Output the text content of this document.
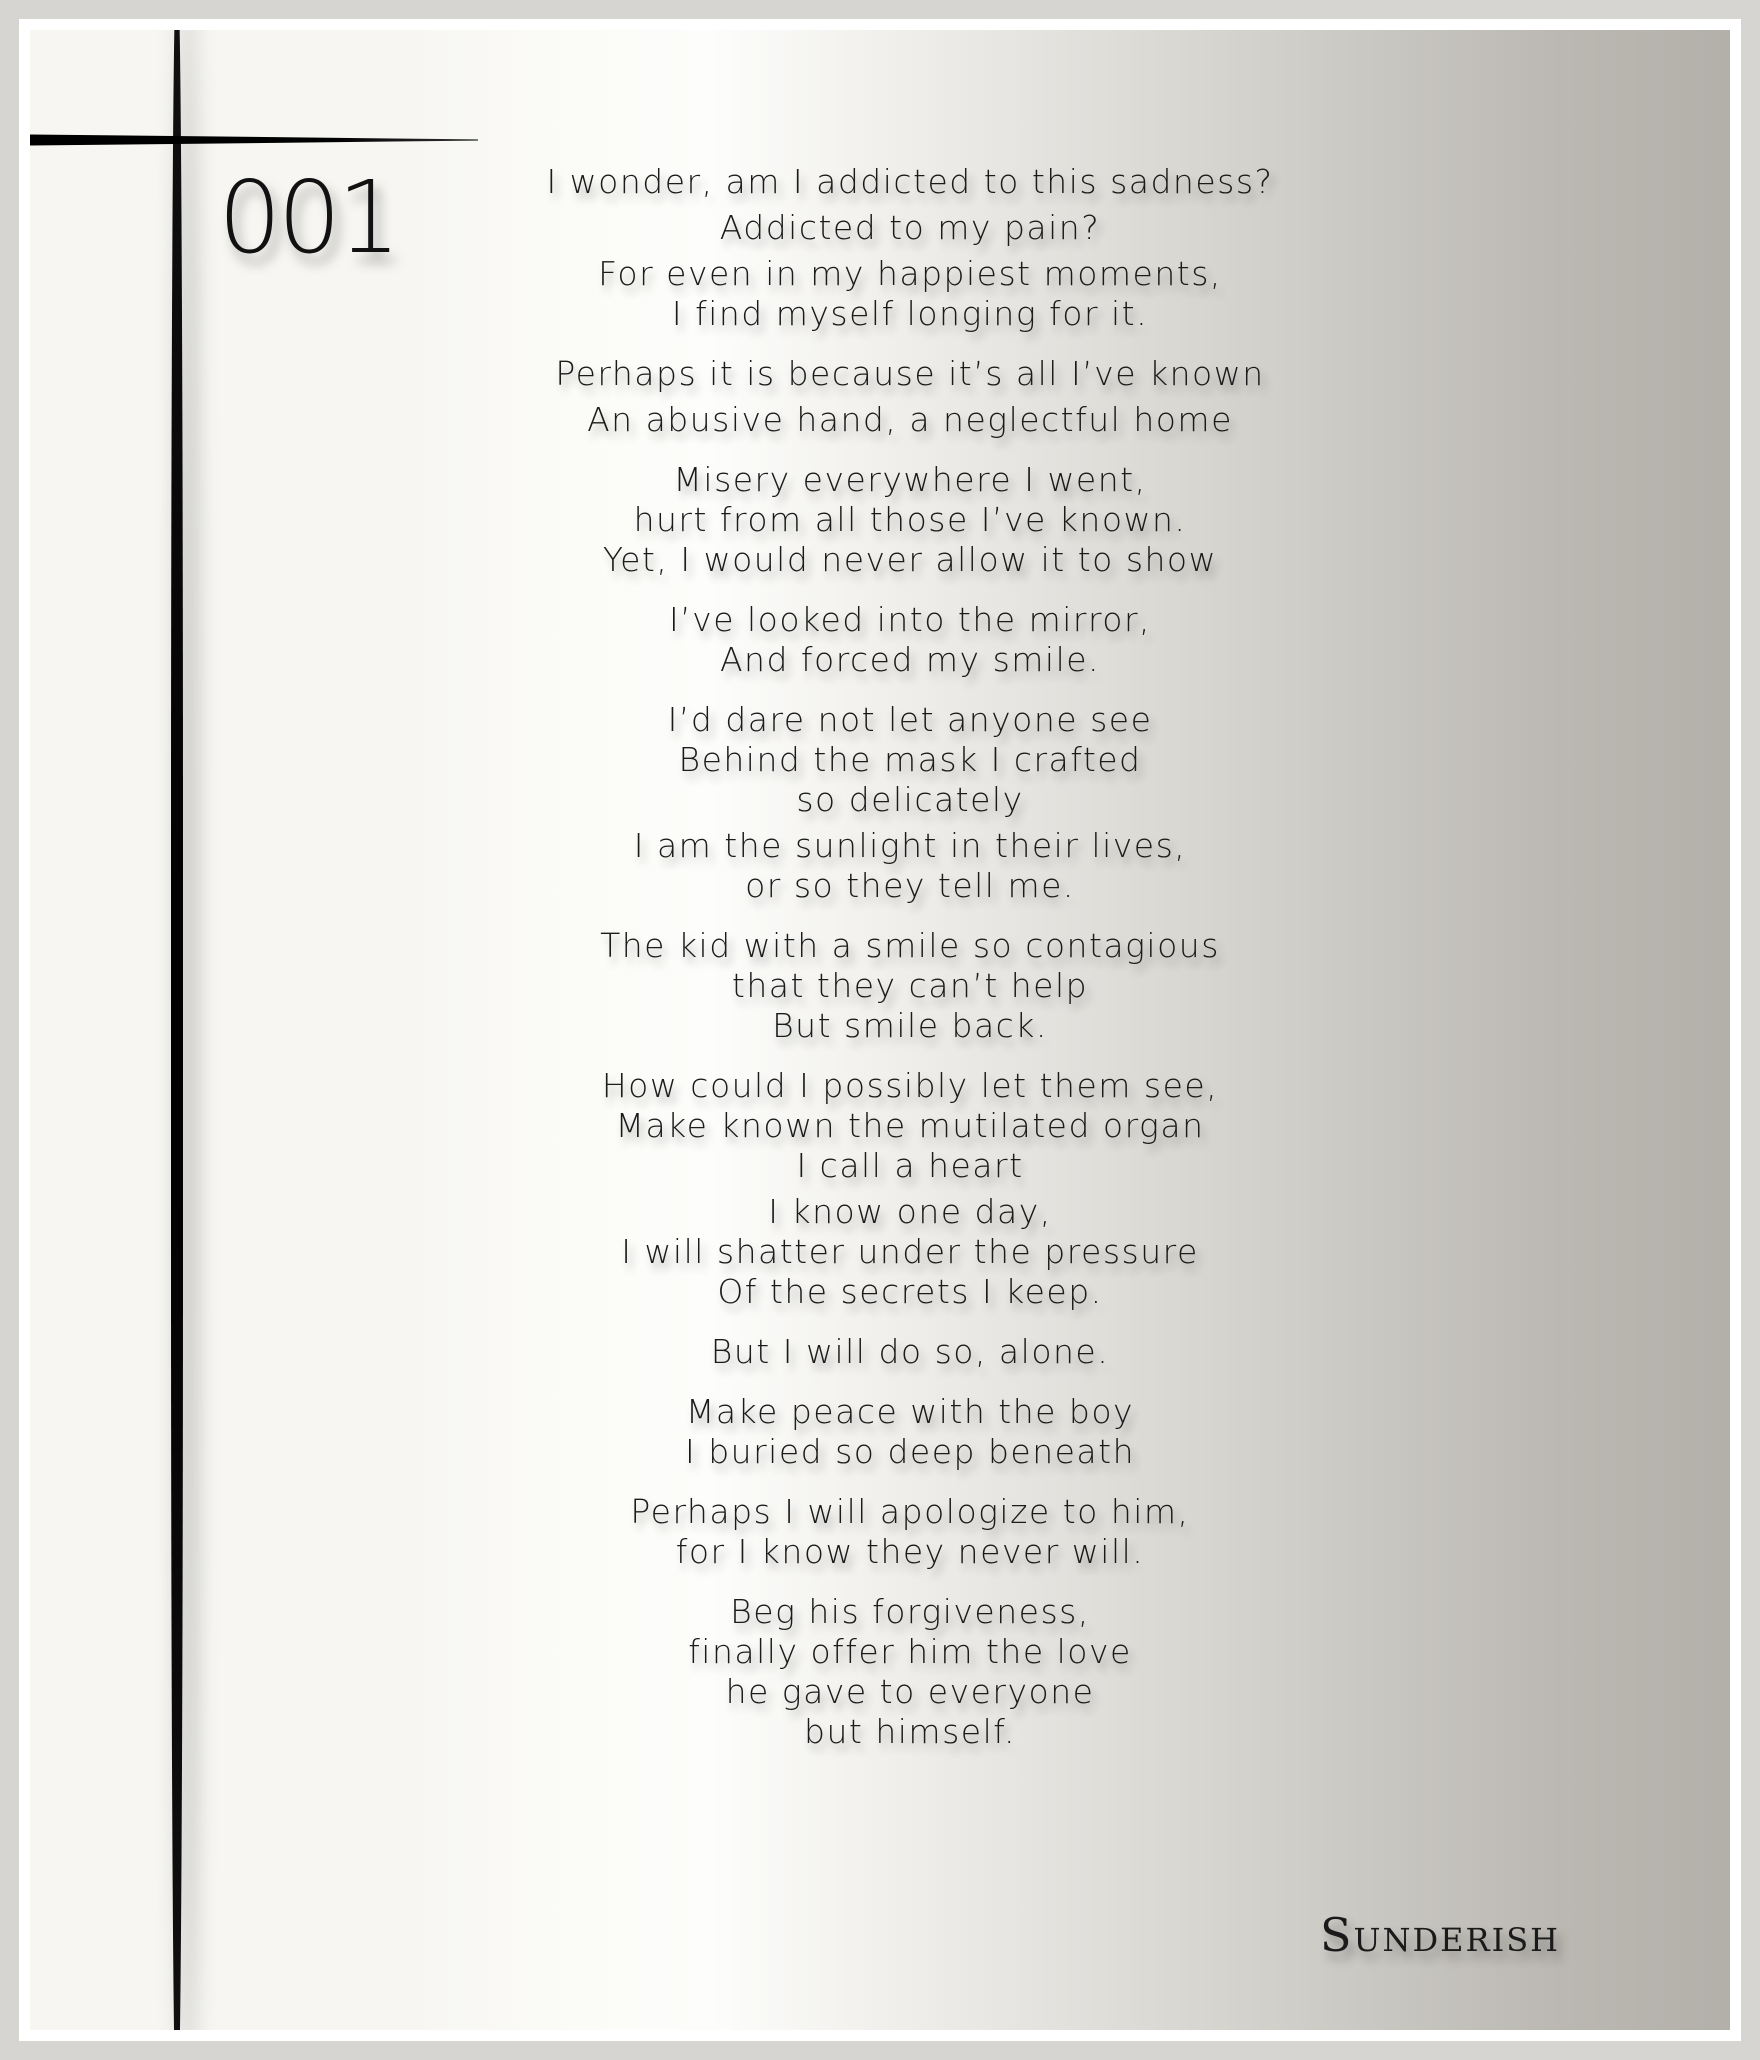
001	I wonder, am I addicted to this sadness?
Addicted to my pain?
For even in my happiest moments,
I find myself longing for it.
Perhaps it is because it’s all I’ve known
An abusive hand, a neglectful home
Misery everywhere I went,
hurt from all those I’ve known.
Yet, I would never allow it to show
I’ve looked into the mirror,
And forced my smile.
I’d dare not let anyone see
Behind the mask I crafted
so delicately
I am the sunlight in their lives,
or so they tell me.
The kid with a smile so contagious
that they can’t help
But smile back.
How could I possibly let them see,
Make known the mutilated organ
I call a heart
I know one day,
I will shatter under the pressure
Of the secrets I keep.
But I will do so, alone.
Make peace with the boy
I buried so deep beneath
Perhaps I will apologize to him,
for I know they never will.
Beg his forgiveness,
finally offer him the love
he gave to everyone
but himself.
Sunderish
